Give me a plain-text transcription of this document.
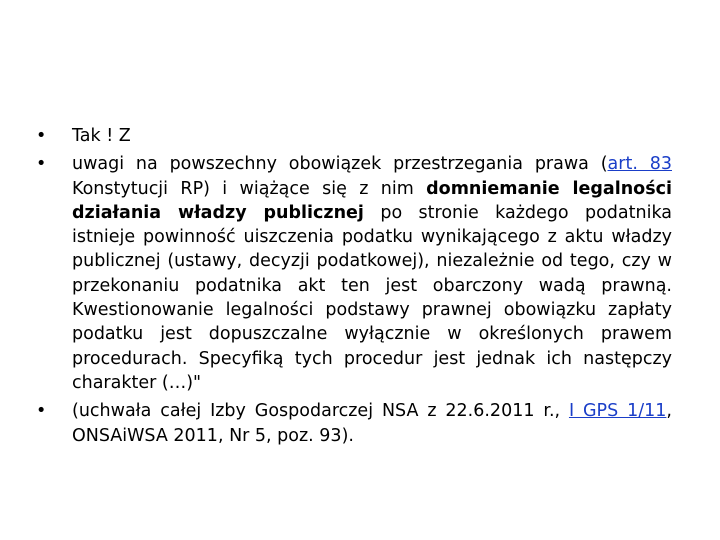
• Tak ! Z
• uwagi na powszechny obowiązek przestrzegania prawa (art. 83 Konstytucji RP) i wiążące się z nim domniemanie legalności działania władzy publicznej po stronie każdego podatnika istnieje powinność uiszczenia podatku wynikającego z aktu władzy publicznej (ustawy, decyzji podatkowej), niezależnie od tego, czy w przekonaniu podatnika akt ten jest obarczony wadą prawną. Kwestionowanie legalności podstawy prawnej obowiązku zapłaty podatku jest dopuszczalne wyłącznie w określonych prawem procedurach. Specyfiką tych procedur jest jednak ich następczy charakter (…)"
• (uchwała całej Izby Gospodarczej NSA z 22.6.2011 r., I GPS 1/11, ONSAiWSA 2011, Nr 5, poz. 93).
